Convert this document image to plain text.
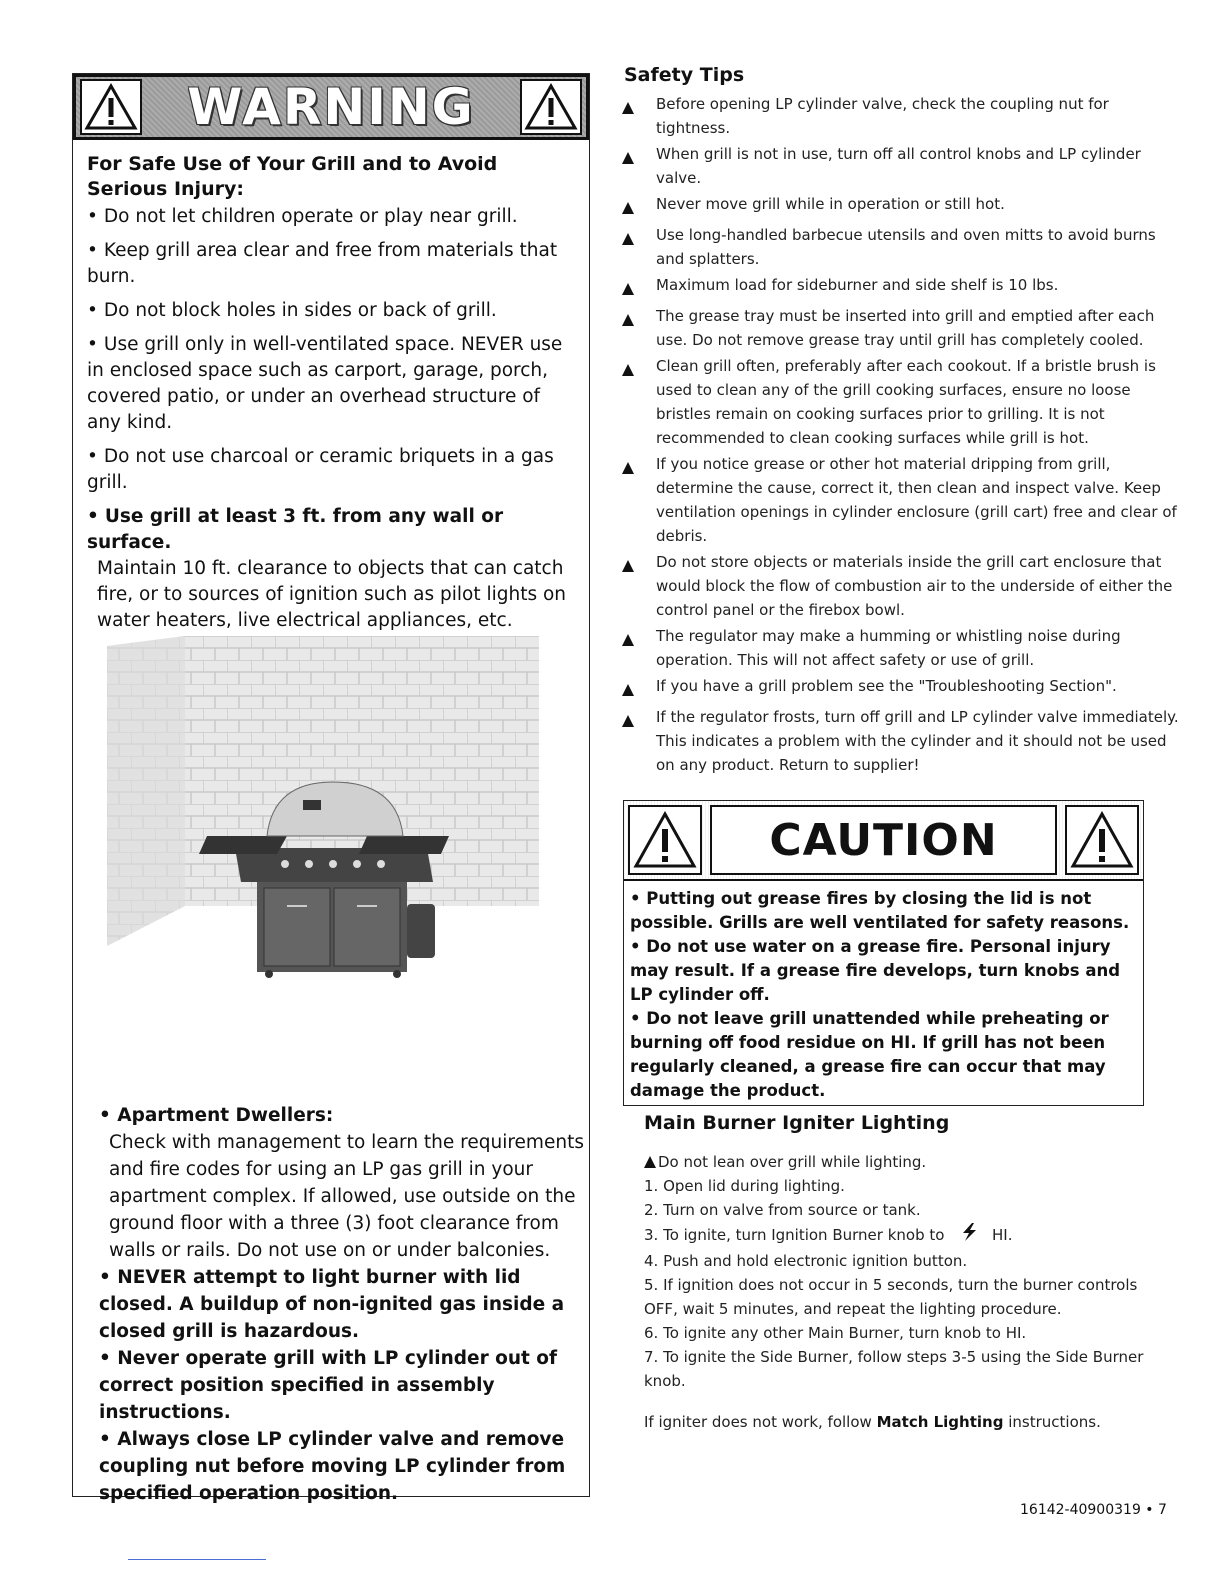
WARNING
For Safe Use of Your Grill and to Avoid Serious Injury:
• Do not let children operate or play near grill.
• Keep grill area clear and free from materials that burn.
• Do not block holes in sides or back of grill.
• Use grill only in well-ventilated space. NEVER use in enclosed space such as carport, garage, porch, covered patio, or under an overhead structure of any kind.
• Do not use charcoal or ceramic briquets in a gas grill.
• Use grill at least 3 ft. from any wall or surface.
Maintain 10 ft. clearance to objects that can catch fire, or to sources of ignition such as pilot lights on water heaters, live electrical appliances, etc.
• Apartment Dwellers:
Check with management to learn the requirements and fire codes for using an LP gas grill in your apartment complex. If allowed, use outside on the ground floor with a three (3) foot clearance from walls or rails. Do not use on or under balconies.
• NEVER attempt to light burner with lid closed. A buildup of non-ignited gas inside a closed grill is hazardous.
• Never operate grill with LP cylinder out of correct position specified in assembly instructions.
• Always close LP cylinder valve and remove coupling nut before moving LP cylinder from specified operation position.
Safety Tips
Before opening LP cylinder valve, check the coupling nut for tightness.
When grill is not in use, turn off all control knobs and LP cylinder valve.
Never move grill while in operation or still hot.
Use long-handled barbecue utensils and oven mitts to avoid burns and splatters.
Maximum load for sideburner and side shelf is 10 lbs.
The grease tray must be inserted into grill and emptied after each use. Do not remove grease tray until grill has completely cooled.
Clean grill often, preferably after each cookout. If a bristle brush is used to clean any of the grill cooking surfaces, ensure no loose bristles remain on cooking surfaces prior to grilling. It is not recommended to clean cooking surfaces while grill is hot.
If you notice grease or other hot material dripping from grill, determine the cause, correct it, then clean and inspect valve. Keep ventilation openings in cylinder enclosure (grill cart) free and clear of debris.
Do not store objects or materials inside the grill cart enclosure that would block the flow of combustion air to the underside of either the control panel or the firebox bowl.
The regulator may make a humming or whistling noise during operation. This will not affect safety or use of grill.
If you have a grill problem see the "Troubleshooting Section".
If the regulator frosts, turn off grill and LP cylinder valve immediately. This indicates a problem with the cylinder and it should not be used on any product. Return to supplier!
CAUTION
• Putting out grease fires by closing the lid is not possible. Grills are well ventilated for safety reasons.
• Do not use water on a grease fire. Personal injury may result. If a grease fire develops, turn knobs and LP cylinder off.
• Do not leave grill unattended while preheating or burning off food residue on HI. If grill has not been regularly cleaned, a grease fire can occur that may damage the product.
Main Burner Igniter Lighting
Do not lean over grill while lighting.
1. Open lid during lighting.
2. Turn on valve from source or tank.
3. To ignite, turn Ignition Burner knob to	HI.
4. Push and hold electronic ignition button.
5. If ignition does not occur in 5 seconds, turn the burner controls OFF, wait 5 minutes, and repeat the lighting procedure.
6. To ignite any other Main Burner, turn knob to HI.
7. To ignite the Side Burner, follow steps 3-5 using the Side Burner knob.
If igniter does not work, follow Match Lighting instructions.
16142-40900319 • 7
